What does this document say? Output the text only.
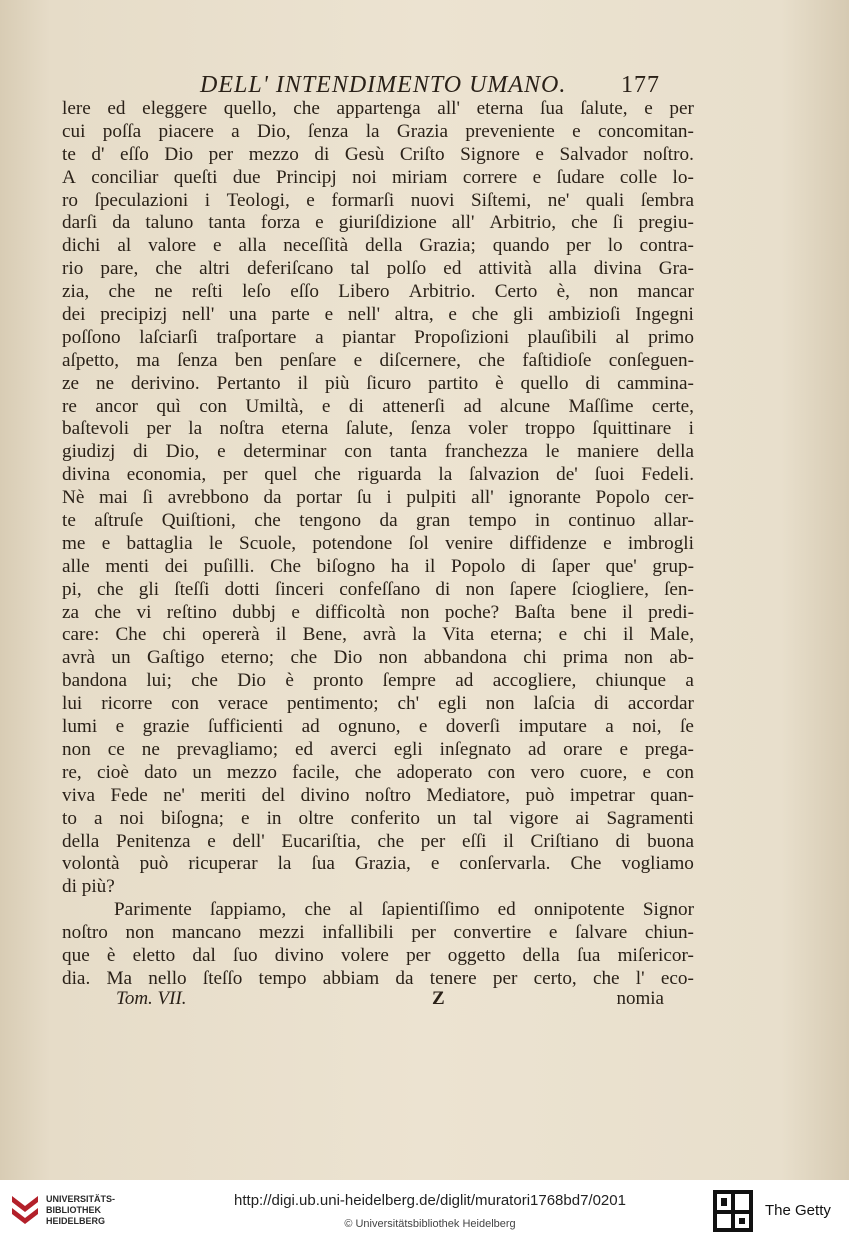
DELL' INTENDIMENTO UMANO. 177
lere ed eleggere quello, che appartenga all' eterna ſua ſalute, e per
cui poſſa piacere a Dio, ſenza la Grazia preveniente e concomitan-
te d' eſſo Dio per mezzo di Gesù Criſto Signore e Salvador noſtro.
A conciliar queſti due Principj noi miriam correre e ſudare colle lo-
ro ſpeculazioni i Teologi, e formarſi nuovi Siſtemi, ne' quali ſembra
darſi da taluno tanta forza e giuriſdizione all' Arbitrio, che ſi pregiu-
dichi al valore e alla neceſſità della Grazia; quando per lo contra-
rio pare, che altri deferiſcano tal polſo ed attività alla divina Gra-
zia, che ne reſti leſo eſſo Libero Arbitrio. Certo è, non mancar
dei precipizj nell' una parte e nell' altra, e che gli ambizioſi Ingegni
poſſono laſciarſi traſportare a piantar Propoſizioni plauſibili al primo
aſpetto, ma ſenza ben penſare e diſcernere, che faſtidioſe conſeguen-
ze ne derivino. Pertanto il più ſicuro partito è quello di cammina-
re ancor quì con Umiltà, e di attenerſi ad alcune Maſſime certe,
baſtevoli per la noſtra eterna ſalute, ſenza voler troppo ſquittinare i
giudizj di Dio, e determinar con tanta franchezza le maniere della
divina economia, per quel che riguarda la ſalvazion de' ſuoi Fedeli.
Nè mai ſi avrebbono da portar ſu i pulpiti all' ignorante Popolo cer-
te aſtruſe Quiſtioni, che tengono da gran tempo in continuo allar-
me e battaglia le Scuole, potendone ſol venire diffidenze e imbrogli
alle menti dei puſilli. Che biſogno ha il Popolo di ſaper que' grup-
pi, che gli ſteſſi dotti ſinceri confeſſano di non ſapere ſciogliere, ſen-
za che vi reſtino dubbj e difficoltà non poche? Baſta bene il predi-
care: Che chi opererà il Bene, avrà la Vita eterna; e chi il Male,
avrà un Gaſtigo eterno; che Dio non abbandona chi prima non ab-
bandona lui; che Dio è pronto ſempre ad accogliere, chiunque a
lui ricorre con verace pentimento; ch' egli non laſcia di accordar
lumi e grazie ſufficienti ad ognuno, e doverſi imputare a noi, ſe
non ce ne prevagliamo; ed averci egli inſegnato ad orare e prega-
re, cioè dato un mezzo facile, che adoperato con vero cuore, e con
viva Fede ne' meriti del divino noſtro Mediatore, può impetrar quan-
to a noi biſogna; e in oltre conferito un tal vigore ai Sagramenti
della Penitenza e dell' Eucariſtia, che per eſſi il Criſtiano di buona
volontà può ricuperar la ſua Grazia, e conſervarla. Che vogliamo
di più?
Parimente ſappiamo, che al ſapientiſſimo ed onnipotente Signor
noſtro non mancano mezzi infallibili per convertire e ſalvare chiun-
que è eletto dal ſuo divino volere per oggetto della ſua miſericor-
dia. Ma nello ſteſſo tempo abbiam da tenere per certo, che l' eco-
Tom. VII.	Z	nomia
UNIVERSITÄTS-
BIBLIOTHEK
HEIDELBERG
http://digi.ub.uni-heidelberg.de/diglit/muratori1768bd7/0201
© Universitätsbibliothek Heidelberg
The Getty
